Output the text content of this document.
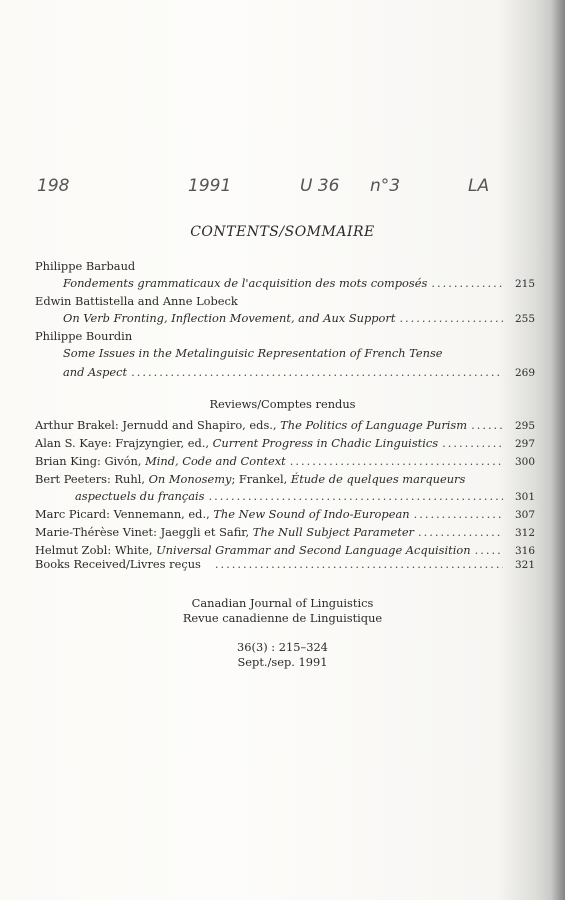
198	1991	U 36 n°3	LA
CONTENTS/SOMMAIRE
Philippe Barbaud
Fondements grammaticaux de l'acquisition des mots composés .....	215
Edwin Battistella and Anne Lobeck
On Verb Fronting, Inflection Movement, and Aux Support .....	255
Philippe Bourdin
Some Issues in the Metalinguisic Representation of French Tense
and Aspect .....	269
Reviews/Comptes rendus
Arthur Brakel: Jernudd and Shapiro, eds., The Politics of Language Purism .....	295
Alan S. Kaye: Frajzyngier, ed., Current Progress in Chadic Linguistics .....	297
Brian King: Givón, Mind, Code and Context .....	300
Bert Peeters: Ruhl, On Monosemy; Frankel, Étude de quelques marqueurs
aspectuels du français .....	301
Marc Picard: Vennemann, ed., The New Sound of Indo-European .....	307
Marie-Thérèse Vinet: Jaeggli et Safir, The Null Subject Parameter .....	312
Helmut Zobl: White, Universal Grammar and Second Language Acquisition .....	316
Books Received/Livres reçus .....	321
Canadian Journal of Linguistics
Revue canadienne de Linguistique
36(3) : 215–324
Sept./sep. 1991
